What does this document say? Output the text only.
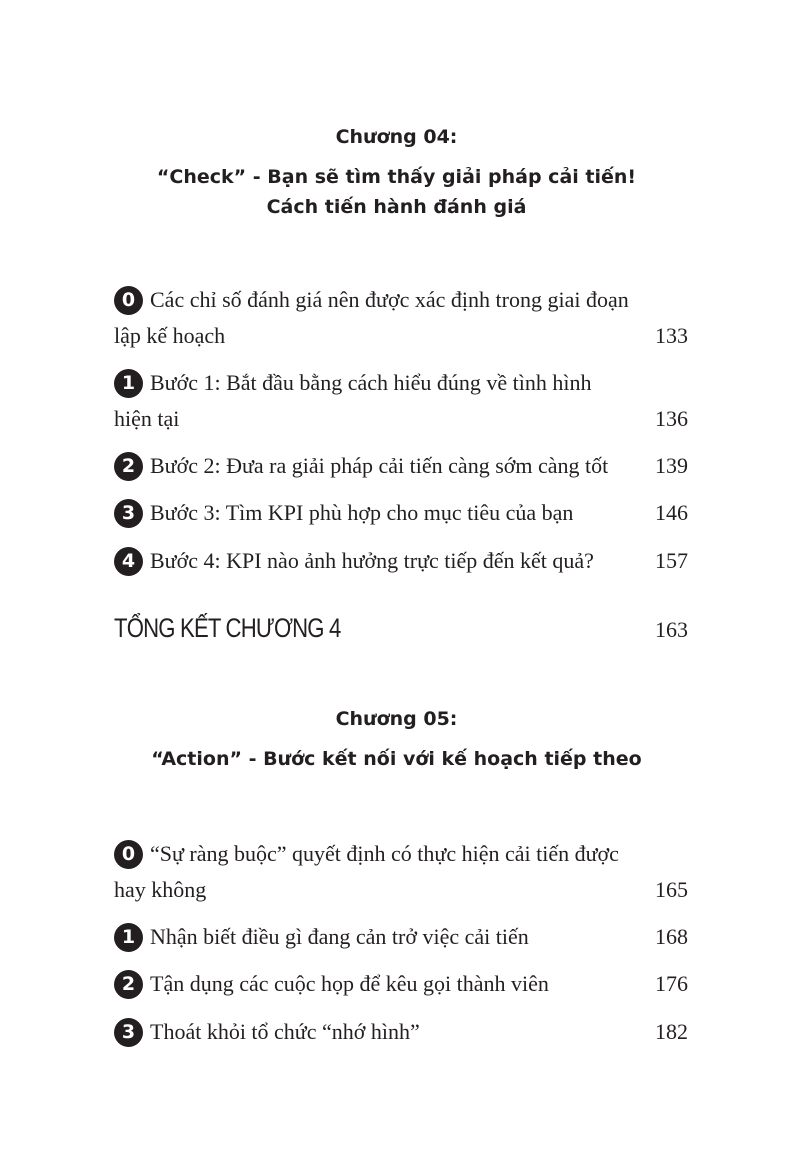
Chương 04:
“Check” - Bạn sẽ tìm thấy giải pháp cải tiến!
Cách tiến hành đánh giá
0 Các chỉ số đánh giá nên được xác định trong giai đoạn
lập kế hoạch	133
1 Bước 1: Bắt đầu bằng cách hiểu đúng về tình hình
hiện tại	136
2 Bước 2: Đưa ra giải pháp cải tiến càng sớm càng tốt 139
3 Bước 3: Tìm KPI phù hợp cho mục tiêu của bạn	146
4 Bước 4: KPI nào ảnh hưởng trực tiếp đến kết quả?	157
TỔNG KẾT CHƯƠNG 4	163
Chương 05:
“Action” - Bước kết nối với kế hoạch tiếp theo
0 “Sự ràng buộc” quyết định có thực hiện cải tiến được
hay không	165
1 Nhận biết điều gì đang cản trở việc cải tiến	168
2 Tận dụng các cuộc họp để kêu gọi thành viên	176
3 Thoát khỏi tổ chức “nhớ hình”	182
